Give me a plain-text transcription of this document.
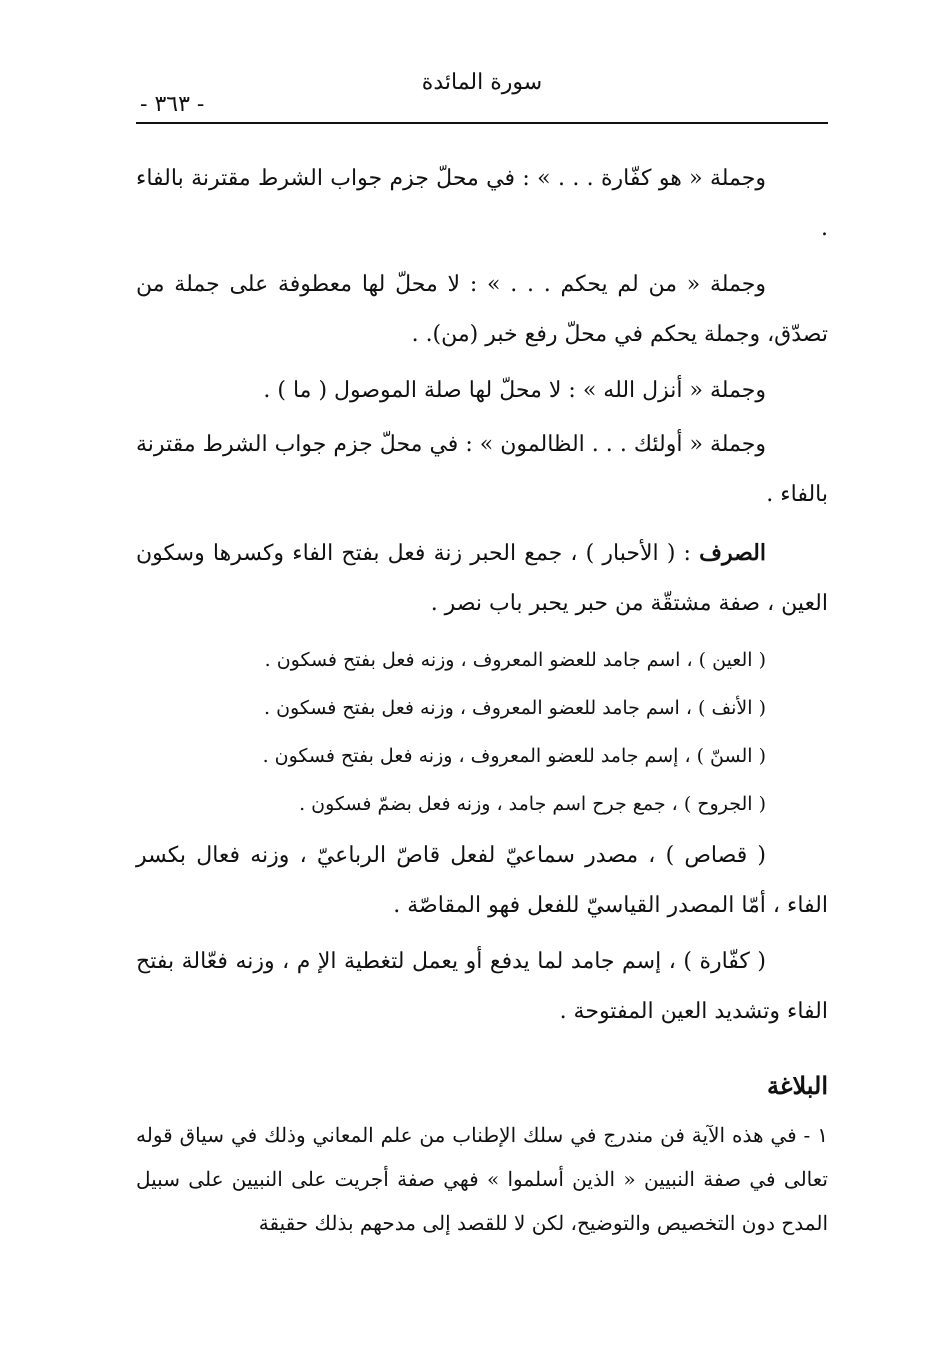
سورة المائدة
- ٣٦٣ -

وجملة « هو كفّارة . . . » : في محلّ جزم جواب الشرط مقترنة بالفاء .

وجملة « من لم يحكم . . . » : لا محلّ لها معطوفة على جملة من تصدّق، وجملة يحكم في محلّ رفع خبر (من). .

وجملة « أنزل الله » : لا محلّ لها صلة الموصول ( ما ) .

وجملة « أولئك . . . الظالمون » : في محلّ جزم جواب الشرط مقترنة بالفاء .

الصرف : ( الأحبار ) ، جمع الحبر زنة فعل بفتح الفاء وكسرها وسكون العين ، صفة مشتقّة من حبر يحبر باب نصر .

( العين ) ، اسم جامد للعضو المعروف ، وزنه فعل بفتح فسكون .

( الأنف ) ، اسم جامد للعضو المعروف ، وزنه فعل بفتح فسكون .

( السنّ ) ، إسم جامد للعضو المعروف ، وزنه فعل بفتح فسكون .

( الجروح ) ، جمع جرح اسم جامد ، وزنه فعل بضمّ فسكون .

( قصاص ) ، مصدر سماعيّ لفعل قاصّ الرباعيّ ، وزنه فعال بكسر الفاء ، أمّا المصدر القياسيّ للفعل فهو المقاصّة .

( كفّارة ) ، إسم جامد لما يدفع أو يعمل لتغطية الإ م ، وزنه فعّالة بفتح الفاء وتشديد العين المفتوحة .

البلاغة

١ - في هذه الآية فن مندرج في سلك الإطناب من علم المعاني وذلك في سياق قوله تعالى في صفة النبيين « الذين أسلموا » فهي صفة أجريت على النبيين على سبيل المدح دون التخصيص والتوضيح، لكن لا للقصد إلى مدحهم بذلك حقيقة
